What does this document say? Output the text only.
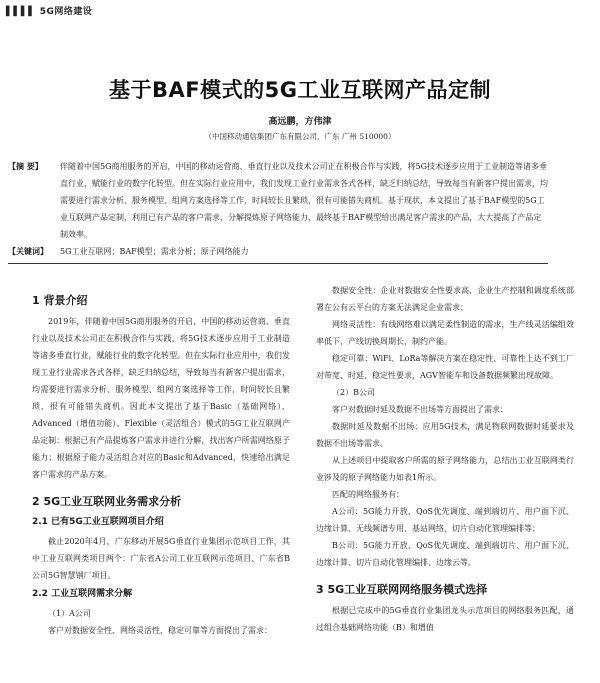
▌▌▌▌ 5G网络建设
基于BAF模式的5G工业互联网产品定制
高远鹏，方伟津
（中国移动通信集团广东有限公司，广东 广州 510000）
【摘 要】 伴随着中国5G商用服务的开启，中国的移动运营商、垂直行业以及技术公司正在积极合作与实践，将5G技术逐步应用于工业制造等诸多垂直行业，赋能行业的数字化转型。但在实际行业应用中，我们发现工业行业需求各式各样，缺乏归纳总结，导致每当有新客户提出需求，均需要进行需求分析、服务模型、组网方案选择等工作，时间较长且繁琐，很有可能错失商机。基于现状，本文提出了基于BAF模型的5G工业互联网产品定制，利用已有产品的客户需求，分解提炼原子网络能力，最终基于BAF模型给出满足客户需求的产品，大大提高了产品定制效率。
【关键词】 5G工业互联网；BAF模型；需求分析；原子网络能力
1 背景介绍

2019年，伴随着中国5G商用服务的开启，中国的移动运营商、垂直行业以及技术公司正在积极合作与实践，将5G技术逐步应用于工业制造等诸多垂直行业，赋能行业的数字化转型。但在实际行业应用中，我们发现工业行业需求各式各样，缺乏归纳总结，导致每当有新客户提出需求，均需要进行需求分析、服务模型、组网方案选择等工作，时间较长且繁琐，很有可能错失商机。因此本文提出了基于Basic（基础网络）、Advanced（增值功能）、Flexible（灵活组合）模式的5G工业互联网产品定制：根据已有产品提炼客户需求并进行分解，找出客户所需网络原子能力；根据原子能力灵活组合对应的Basic和Advanced，快速给出满足客户需求的产品方案。

2 5G工业互联网业务需求分析
2.1 已有5G工业互联网项目介绍

截止2020年4月，广东移动开展5G垂直行业集团示范项目工作，其中工业互联网类项目两个：广东省A公司工业互联网示范项目、广东省B公司5G智慧钢厂项目。

2.2 工业互联网需求分解

（1）A公司

客户对数据安全性、网络灵活性，稳定可靠等方面提出了需求：

数据安全性：企业对数据安全性要求高，企业生产控制和调度系统部署在公有云平台的方案无法满足企业需求；

网络灵活性：有线网络难以满足柔性制造的需求，生产线灵活编组效率低下，产线切换周期长，制约产能。

稳定可靠：WiFi、LoRa等解决方案在稳定性、可靠性上达不到工厂对带宽、时延、稳定性要求，AGV智能车和设备数据频繁出现故障。

（2）B公司

客户对数据时延及数据不出场等方面提出了需求：

数据时延及数据不出场：应用5G技术，满足物联网数据时延要求及数据不出场等需求。

从上述项目中提取客户所需的原子网络能力，总结出工业互联网类行业涉及的原子网络能力如表1所示。

匹配的网络服务有：

A公司：5G能力开放、QoS优先调度、端到端切片、用户面下沉、边缘计算、无线频谱专用、基站网络、切片自动化管理编排等；

B公司：5G能力开放、QoS优先调度、端到端切片、用户面下沉、边缘计算、切片自动化管理编排、边缘云等。

3 5G工业互联网网络服务模式选择

根据已完成中的5G垂直行业集团龙头示范项目的网络服务匹配，通过组合基础网络功能（B）和增值
